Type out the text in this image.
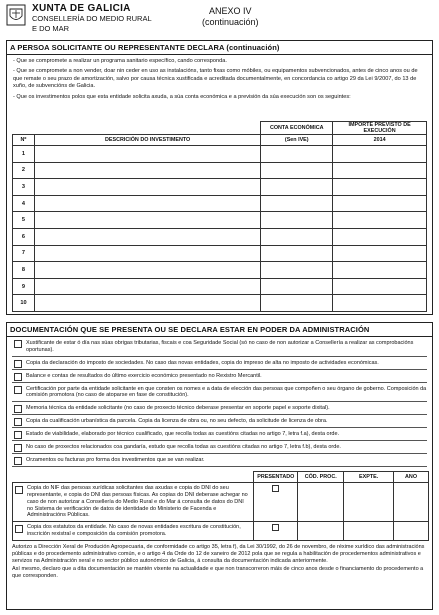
XUNTA DE GALICIA
CONSELLERÍA DO MEDIO RURAL
E DO MAR
ANEXO IV
(continuación)
A PERSOA SOLICITANTE OU REPRESENTANTE DECLARA (continuación)

- Que se compromete a realizar un programa sanitario específico, cando corresponda.

- Que se compromete a non vender, doar nin ceder en uso as instalacións, tanto fixas como móbiles, ou equipamentos subvencionados, antes de cinco anos ou de que remate o seu prazo de amortización, salvo por causa técnica xustificada e acreditada documentalmente, en concordancia co artigo 29 da Lei 9/2007, do 13 de xuño, de subvencións de Galicia.

- Que os investimentos polos que esta entidade solicita axuda, a súa conta económica e a previsión da súa execución son os seguintes:

		CONTA ECONÓMICA	IMPORTE PREVISTO DE EXECUCIÓN
Nº	DESCRICIÓN DO INVESTIMENTO	(Sen IVE)	2014
1			
2			
3			
4			
5			
6			
7			
8			
9			
10			
DOCUMENTACIÓN QUE SE PRESENTA OU SE DECLARA ESTAR EN PODER DA ADMINISTRACIÓN
Xustificante de estar ó día nas súas obrigas tributarias, fiscais e coa Seguridade Social (só no caso de non autorizar a Consellería a realizar as comprobacións oportunas).
Copia da declaración do imposto de sociedades. No caso das novas entidades, copia do impreso de alta no imposto de actividades económicas.
Balance e contas de resultados do último exercicio económico presentado no Rexistro Mercantil.
Certificación por parte da entidade solicitante en que consten os nomes e a data de elección das persoas que compoñen o seu órgano de goberno. Composición da comisión promotora (no caso de atoparse en fase de constitución).
Memoria técnica da entidade solicitante (no caso de proxecto técnico deberase presentar en soporte papel e soporte dixital).
Copia da cualificación urbanística da parcela. Copia da licenza de obra ou, no seu defecto, da solicitude de licenza de obra.
Estado de viabilidade, elaborado por técnico cualificado, que recolla todas as cuestións citadas no artigo 7, letra f.a), desta orde.
No caso de proxectos relacionados coa gandaría, estudo que recolla todas as cuestións citadas no artigo 7, letra f.b), desta orde.
Orzamentos ou facturas pro forma dos investimentos que se van realizar.
	PRESENTADO	CÓD. PROC.	EXPTE.	ANO

Copia do NIF das persoas xurídicas solicitantes das axudas e copia do DNI do seu representante, e copia do DNI das persoas físicas. As copias do DNI deberase achegar no caso de non autorizar a Consellería do Medio Rural e do Mar á consulta de datos do DNI no Sistema de verificación de datos de identidade do Ministerio de Facenda e Administracións Públicas.				

Copia dos estatutos da entidade. No caso de novas entidades escritura de constitución, inscrición rexistral e composición da comisión promotora.				

Autorizo a Dirección Xeral de Produción Agropecuaria, de conformidade co artigo 35, letra f), da Lei 30/1992, do 26 de novembro, de réxime xurídico das administracións públicas e do procedemento administrativo común, e o artigo 4 da Orde do 12 de xaneiro de 2012 pola que se regula a habilitación de procedementos administrativos e servizos na Administración xeral e no sector público autonómico de Galicia, á consulta da documentación indicada anteriormente.

Así mesmo, declaro que a dita documentación se mantén vixente na actualidade e que non transcorreron máis de cinco anos desde o financiamento do procedemento a que corresponden.
